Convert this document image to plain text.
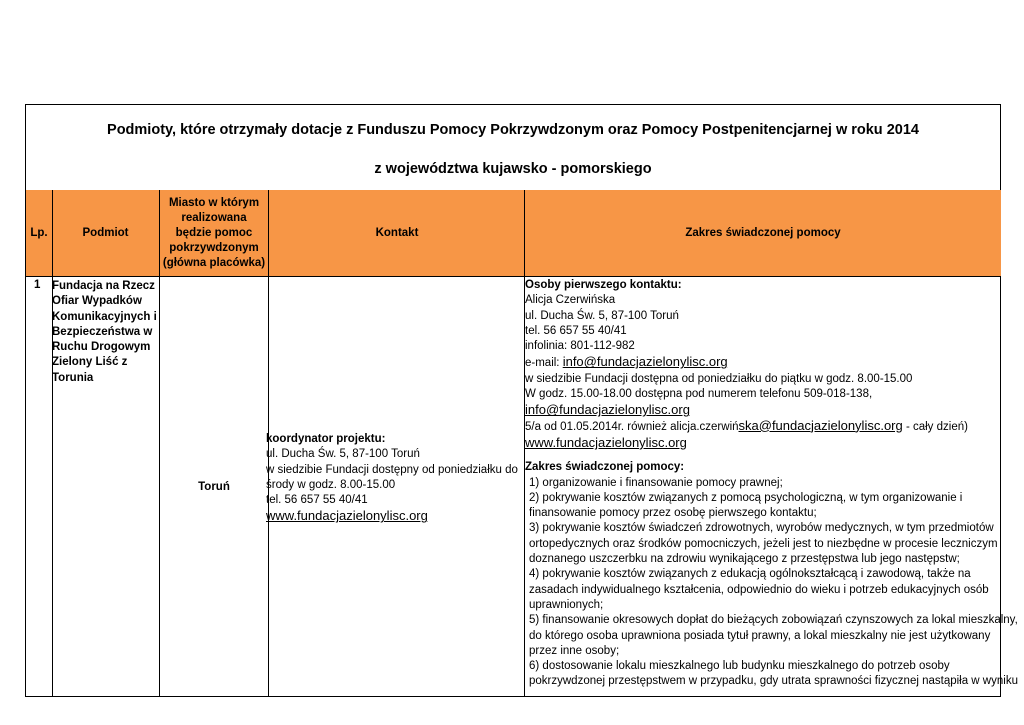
Podmioty, które otrzymały dotacje z Funduszu Pomocy Pokrzywdzonym oraz Pomocy Postpenitencjarnej w roku 2014
z województwa kujawsko - pomorskiego
Lp.	Podmiot
Miasto w którym realizowana będzie pomoc pokrzywdzonym (główna placówka)
Kontakt	Zakres świadczonej pomocy
1 Fundacja na Rzecz
Ofiar Wypadków
Komunikacyjnych i
Bezpieczeństwa w
Ruchu Drogowym
Zielony Liść z
Torunia
Toruń
koordynator projektu:
ul. Ducha Św. 5, 87-100 Toruń
w siedzibie Fundacji dostępny od poniedziałku do
środy w godz. 8.00-15.00
tel. 56 657 55 40/41
www.fundacjazielonylisc.org
Osoby pierwszego kontaktu:
Alicja Czerwińska
ul. Ducha Św. 5, 87-100 Toruń
tel. 56 657 55 40/41
infolinia: 801-112-982
e-mail: info@fundacjazielonylisc.org
w siedzibie Fundacji dostępna od poniedziałku do piątku w godz. 8.00-15.00
W godz. 15.00-18.00 dostępna pod numerem telefonu 509-018-138,
info@fundacjazielonylisc.org
5/a od 01.05.2014r. również alicja.czerwińska@fundacjazielonylisc.org - cały dzień)
www.fundacjazielonylisc.org
Zakres świadczonej pomocy:
1) organizowanie i finansowanie pomocy prawnej;
2) pokrywanie kosztów związanych z pomocą psychologiczną, w tym organizowanie i
finansowanie pomocy przez osobę pierwszego kontaktu;
3) pokrywanie kosztów świadczeń zdrowotnych, wyrobów medycznych, w tym przedmiotów
ortopedycznych oraz środków pomocniczych, jeżeli jest to niezbędne w procesie leczniczym
doznanego uszczerbku na zdrowiu wynikającego z przestępstwa lub jego następstw;
4) pokrywanie kosztów związanych z edukacją ogólnokształcącą i zawodową, także na
zasadach indywidualnego kształcenia, odpowiednio do wieku i potrzeb edukacyjnych osób
uprawnionych;
5) finansowanie okresowych dopłat do bieżących zobowiązań czynszowych za lokal mieszkalny,
do którego osoba uprawniona posiada tytuł prawny, a lokal mieszkalny nie jest użytkowany
przez inne osoby;
6) dostosowanie lokalu mieszkalnego lub budynku mieszkalnego do potrzeb osoby
pokrzywdzonej przestępstwem w przypadku, gdy utrata sprawności fizycznej nastąpiła w wyniku
